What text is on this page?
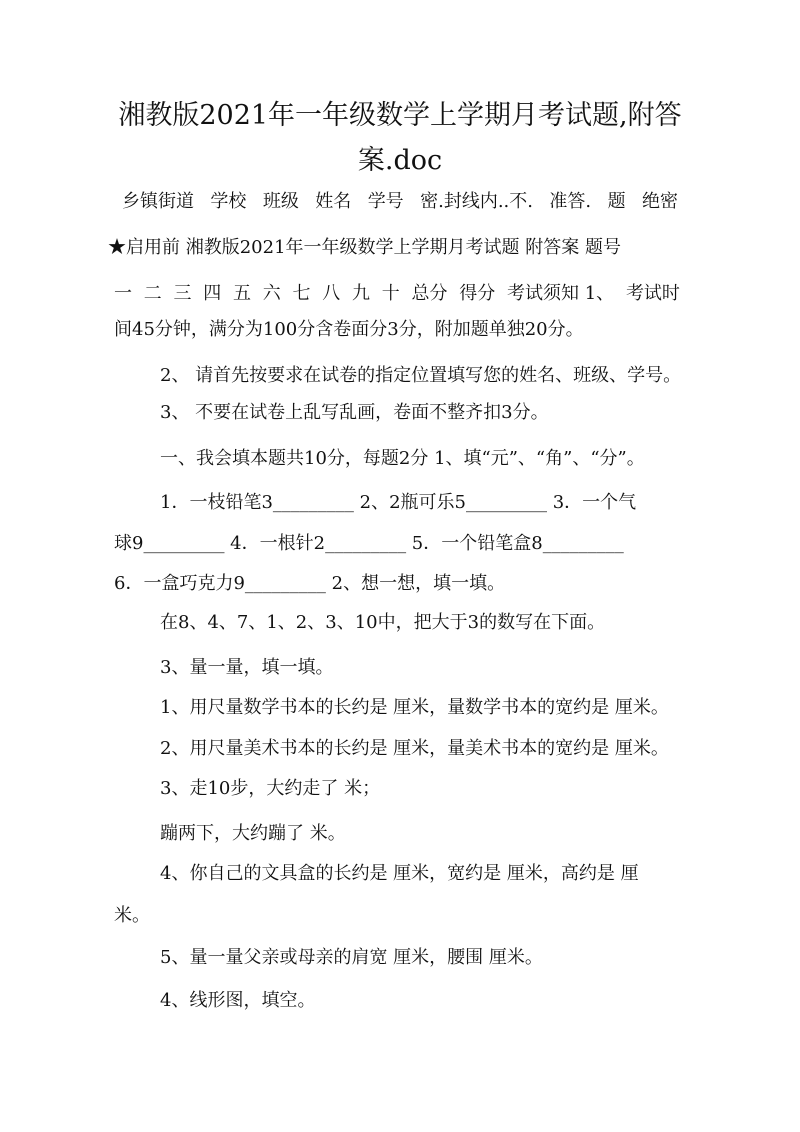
湘教版2021年一年级数学上学期月考试题,附答
案.doc
乡镇街道 学校 班级 姓名 学号 密.封线内..不. 准答. 题 绝密
★启用前 湘教版2021年一年级数学上学期月考试题 附答案 题号
一 二 三 四 五 六 七 八 九 十 总分 得分 考试须知 1、 考试时
间45分钟，满分为100分含卷面分3分，附加题单独20分。
2、 请首先按要求在试卷的指定位置填写您的姓名、班级、学号。
3、 不要在试卷上乱写乱画，卷面不整齐扣3分。
一、我会填本题共10分，每题2分 1、填“元”、“角”、“分”。
1．一枝铅笔3_________ 2、2瓶可乐5_________ 3．一个气
球9_________ 4．一根针2_________ 5．一个铅笔盒8_________
6．一盒巧克力9_________ 2、想一想，填一填。
在8、4、7、1、2、3、10中，把大于3的数写在下面。
3、量一量，填一填。
1、用尺量数学书本的长约是 厘米，量数学书本的宽约是 厘米。
2、用尺量美术书本的长约是 厘米，量美术书本的宽约是 厘米。
3、走10步，大约走了 米；
蹦两下，大约蹦了 米。
4、你自己的文具盒的长约是 厘米，宽约是 厘米，高约是 厘
米。
5、量一量父亲或母亲的肩宽 厘米，腰围 厘米。
4、线形图，填空。
